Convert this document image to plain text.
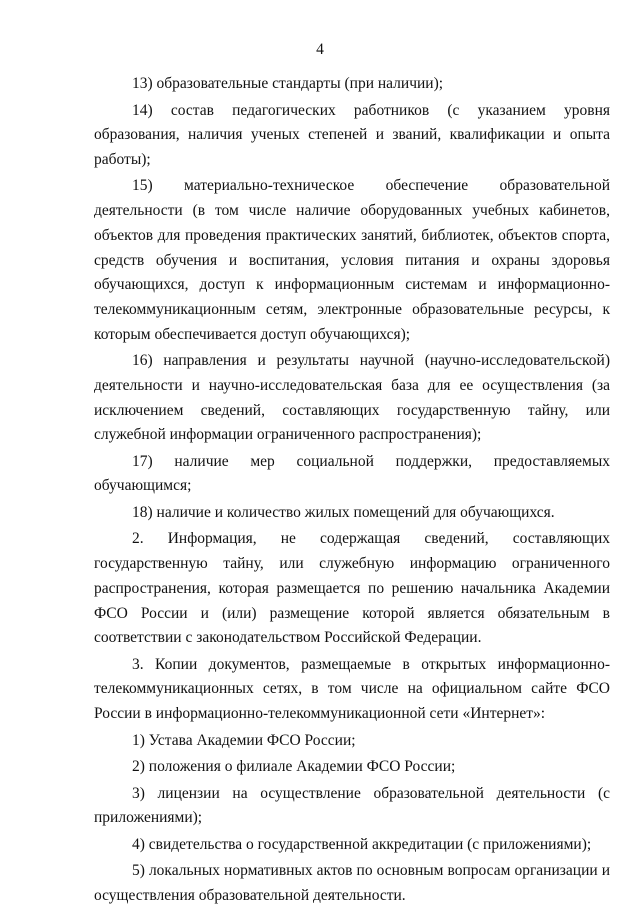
4

13) образовательные стандарты (при наличии);

14) состав педагогических работников (с указанием уровня образования, наличия ученых степеней и званий, квалификации и опыта работы);

15) материально-техническое обеспечение образовательной деятельности (в том числе наличие оборудованных учебных кабинетов, объектов для проведения практических занятий, библиотек, объектов спорта, средств обучения и воспитания, условия питания и охраны здоровья обучающихся, доступ к информационным системам и информационно-телекоммуникационным сетям, электронные образовательные ресурсы, к которым обеспечивается доступ обучающихся);

16) направления и результаты научной (научно-исследовательской) деятельности и научно-исследовательская база для ее осуществления (за исключением сведений, составляющих государственную тайну, или служебной информации ограниченного распространения);

17) наличие мер социальной поддержки, предоставляемых обучающимся;

18) наличие и количество жилых помещений для обучающихся.

2. Информация, не содержащая сведений, составляющих государственную тайну, или служебную информацию ограниченного распространения, которая размещается по решению начальника Академии ФСО России и (или) размещение которой является обязательным в соответствии с законодательством Российской Федерации.

3. Копии документов, размещаемые в открытых информационно-телекоммуникационных сетях, в том числе на официальном сайте ФСО России в информационно-телекоммуникационной сети «Интернет»:

1) Устава Академии ФСО России;

2) положения о филиале Академии ФСО России;

3) лицензии на осуществление образовательной деятельности (с приложениями);

4) свидетельства о государственной аккредитации (с приложениями);

5) локальных нормативных актов по основным вопросам организации и осуществления образовательной деятельности.
